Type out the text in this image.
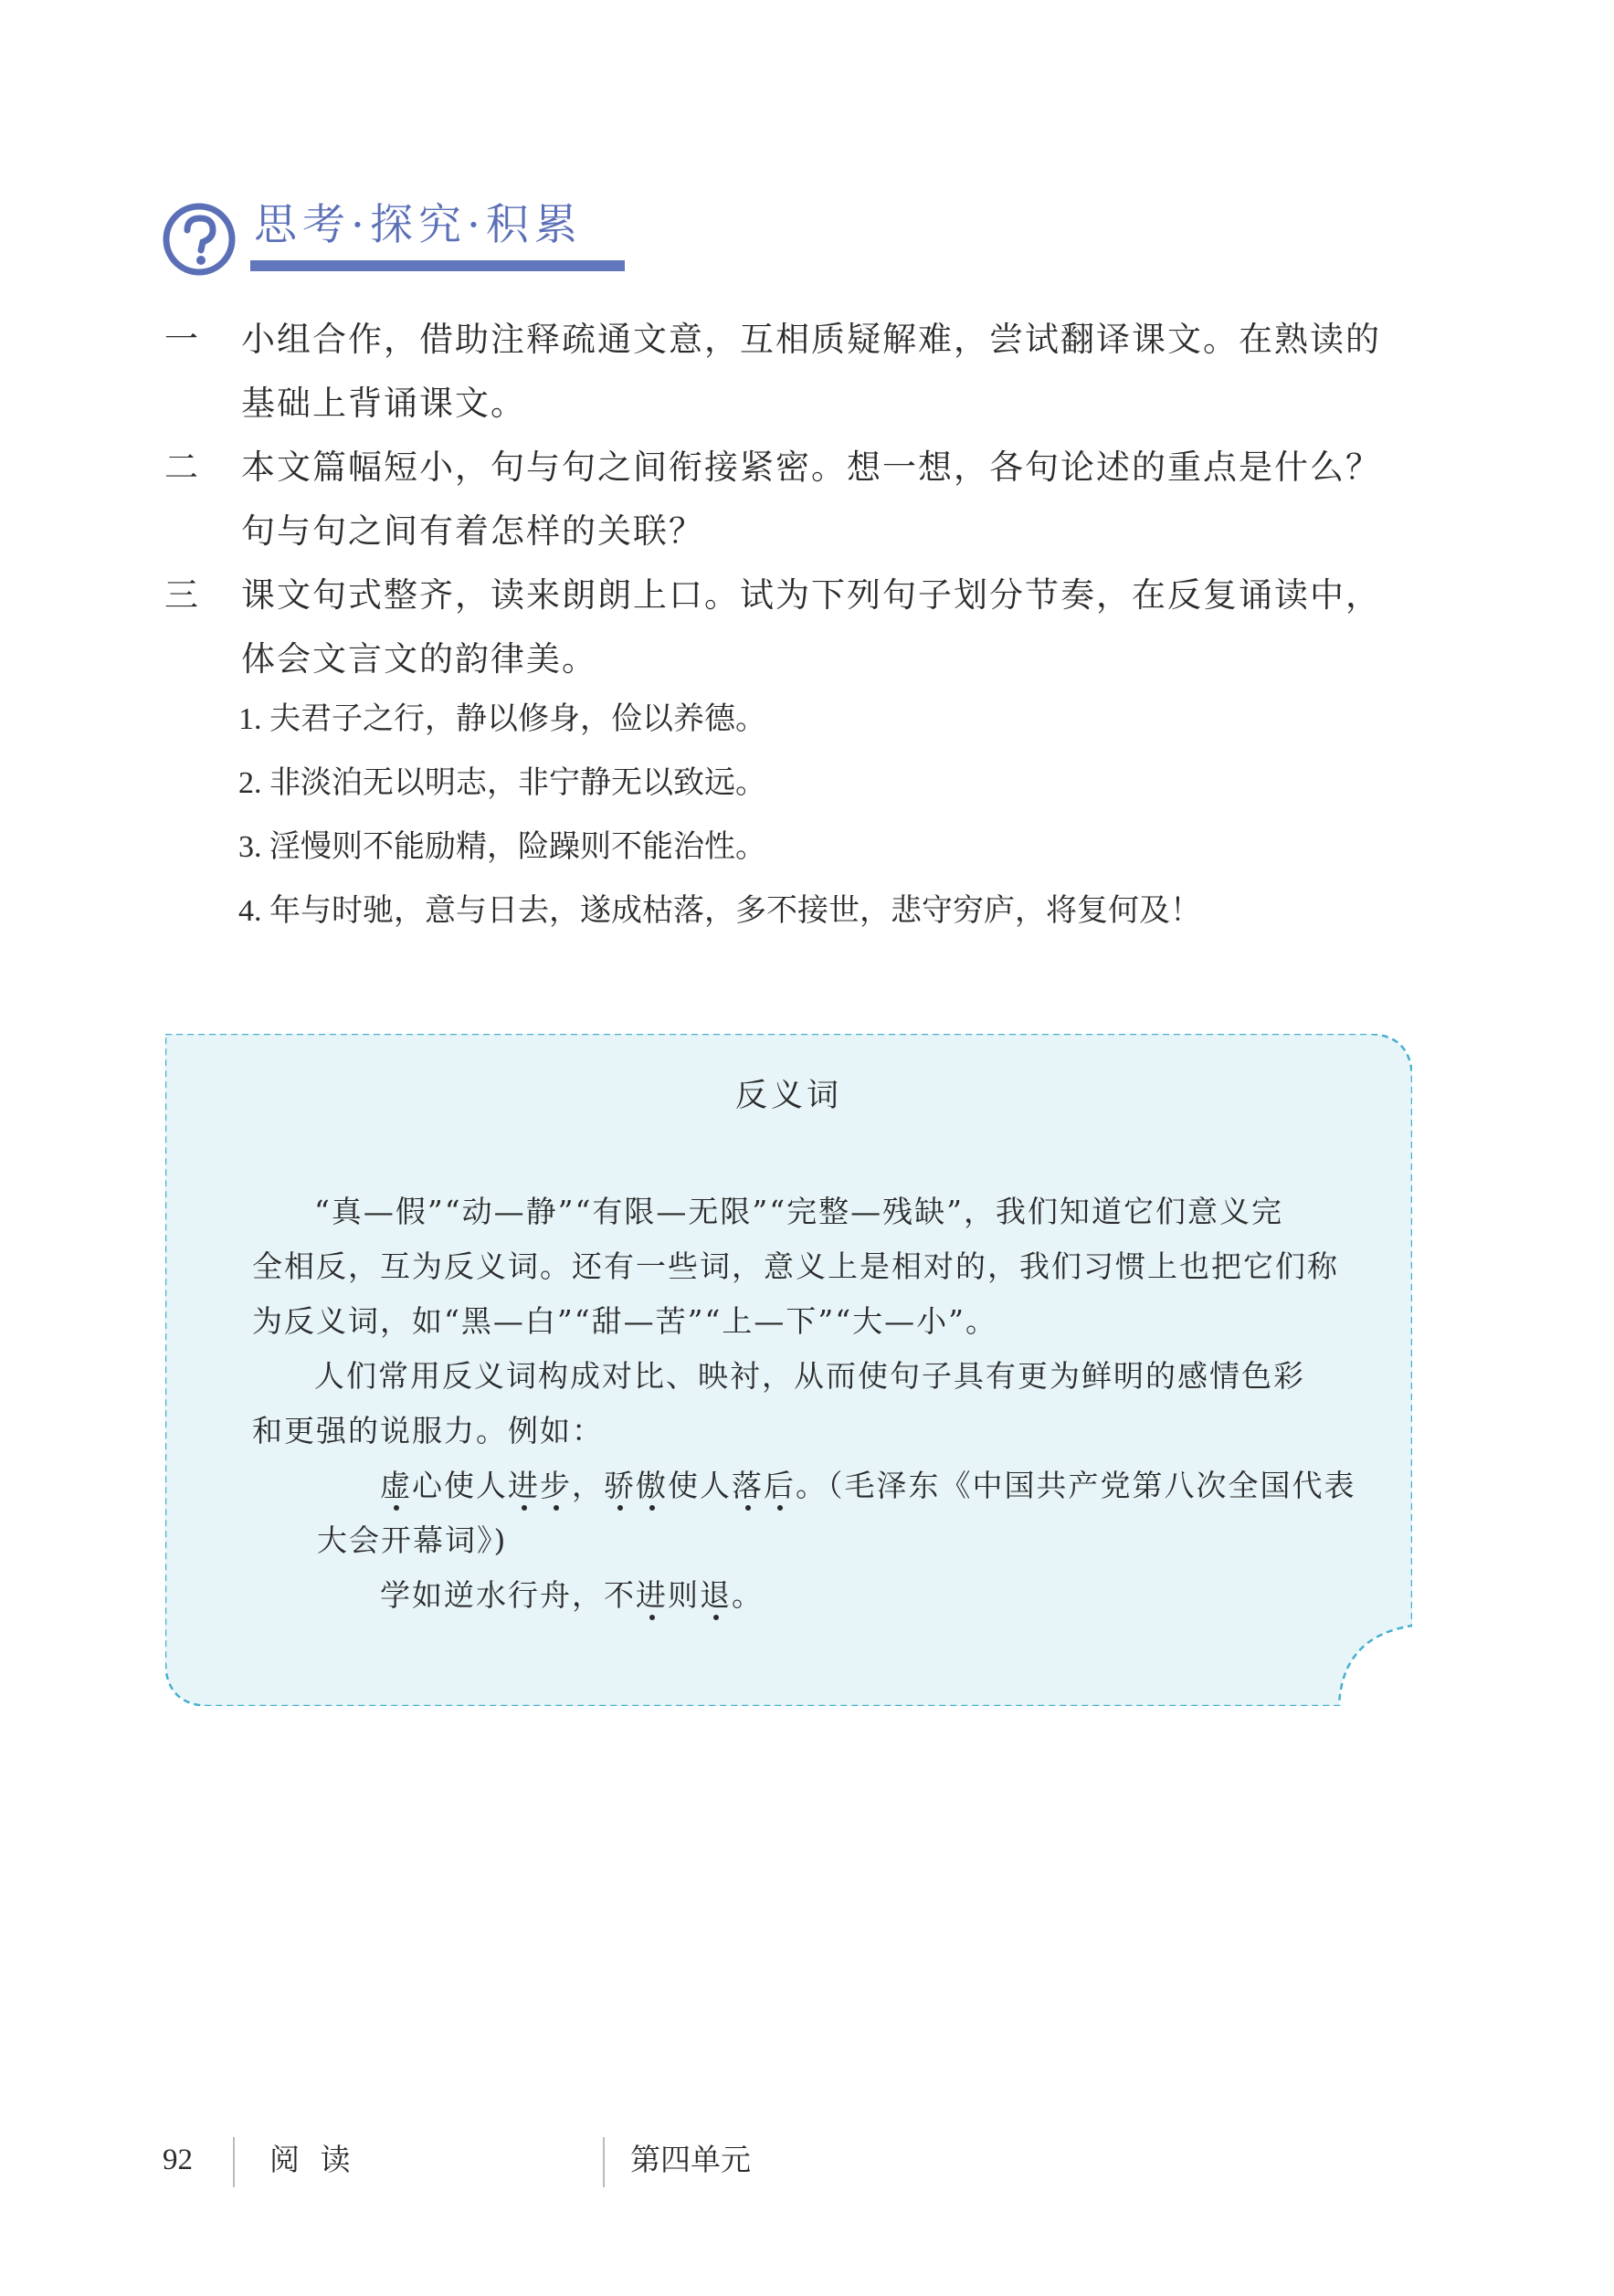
思考·探究·积累
一	小组合作，借助注释疏通文意，互相质疑解难，尝试翻译课文。在熟读的
基础上背诵课文。
二	本文篇幅短小，句与句之间衔接紧密。想一想，各句论述的重点是什么？
句与句之间有着怎样的关联？
三	课文句式整齐，读来朗朗上口。试为下列句子划分节奏，在反复诵读中，
体会文言文的韵律美。
1. 夫君子之行，静以修身，俭以养德。
2. 非淡泊无以明志，非宁静无以致远。
3. 淫慢则不能励精，险躁则不能治性。
4. 年与时驰，意与日去，遂成枯落，多不接世，悲守穷庐，将复何及！
反义词
“真—假”“动—静”“有限—无限”“完整—残缺”，我们知道它们意义完
全相反，互为反义词。还有一些词，意义上是相对的，我们习惯上也把它们称
为反义词，如“黑—白”“甜—苦”“上—下”“大—小”。
人们常用反义词构成对比、映衬，从而使句子具有更为鲜明的感情色彩
和更强的说服力。例如：
虚心使人进步，骄傲使人落后。（毛泽东《中国共产党第八次全国代表
大会开幕词》)
学如逆水行舟，不进则退。
92	阅 读	第四单元
